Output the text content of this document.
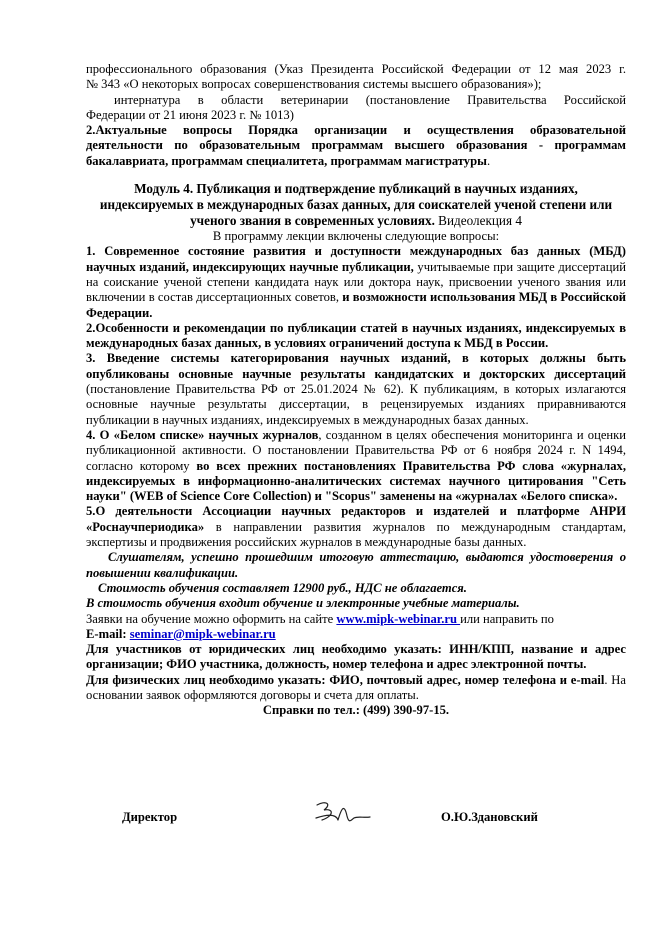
профессионального образования (Указ Президента Российской Федерации от 12 мая 2023 г.

№ 343 «О некоторых вопросах совершенствования системы высшего образования»);

интернатура в области ветеринарии (постановление Правительства Российской

Федерации от 21 июня 2023 г. № 1013)

2.Актуальные вопросы Порядка организации и осуществления образовательной деятельности по образовательным программам высшего образования - программам бакалавриата, программам специалитета, программам магистратуры.

Модуль 4. Публикация и подтверждение публикаций в научных изданиях, индексируемых в международных базах данных, для соискателей ученой степени или ученого звания в современных условиях. Видеолекция 4

В программу лекции включены следующие вопросы:

1. Современное состояние развития и доступности международных баз данных (МБД) научных изданий, индексирующих научные публикации, учитываемые при защите диссертаций на соискание ученой степени кандидата наук или доктора наук, присвоении ученого звания или включении в состав диссертационных советов, и возможности использования МБД в Российской Федерации.

2.Особенности и рекомендации по публикации статей в научных изданиях, индексируемых в международных базах данных, в условиях ограничений доступа к МБД в России.

3. Введение системы категорирования научных изданий, в которых должны быть опубликованы основные научные результаты кандидатских и докторских диссертаций (постановление Правительства РФ от 25.01.2024 № 62). К публикациям, в которых излагаются основные научные результаты диссертации, в рецензируемых изданиях приравниваются публикации в научных изданиях, индексируемых в международных базах данных.

4. О «Белом списке» научных журналов, созданном в целях обеспечения мониторинга и оценки публикационной активности. О постановлении Правительства РФ от 6 ноября 2024 г. N 1494, согласно которому во всех прежних постановлениях Правительства РФ слова «журналах, индексируемых в информационно-аналитических системах научного цитирования "Сеть науки" (WEB of Science Core Collection) и "Scopus" заменены на «журналах «Белого списка».

5.О деятельности Ассоциации научных редакторов и издателей и платформе АНРИ «Роснаучпериодика» в направлении развития журналов по международным стандартам, экспертизы и продвижения российских журналов в международные базы данных.

Слушателям, успешно прошедшим итоговую аттестацию, выдаются удостоверения о повышении квалификации.

Стоимость обучения составляет 12900 руб., НДС не облагается.

В стоимость обучения входит обучение и электронные учебные материалы.

Заявки на обучение можно оформить на сайте www.mipk-webinar.ru или направить по

E-mail: seminar@mipk-webinar.ru

Для участников от юридических лиц необходимо указать: ИНН/КПП, название и адрес организации; ФИО участника, должность, номер телефона и адрес электронной почты.

Для физических лиц необходимо указать: ФИО, почтовый адрес, номер телефона и e-mail. На основании заявок оформляются договоры и счета для оплаты.

Справки по тел.: (499) 390-97-15.

Директор	О.Ю.Здановский
